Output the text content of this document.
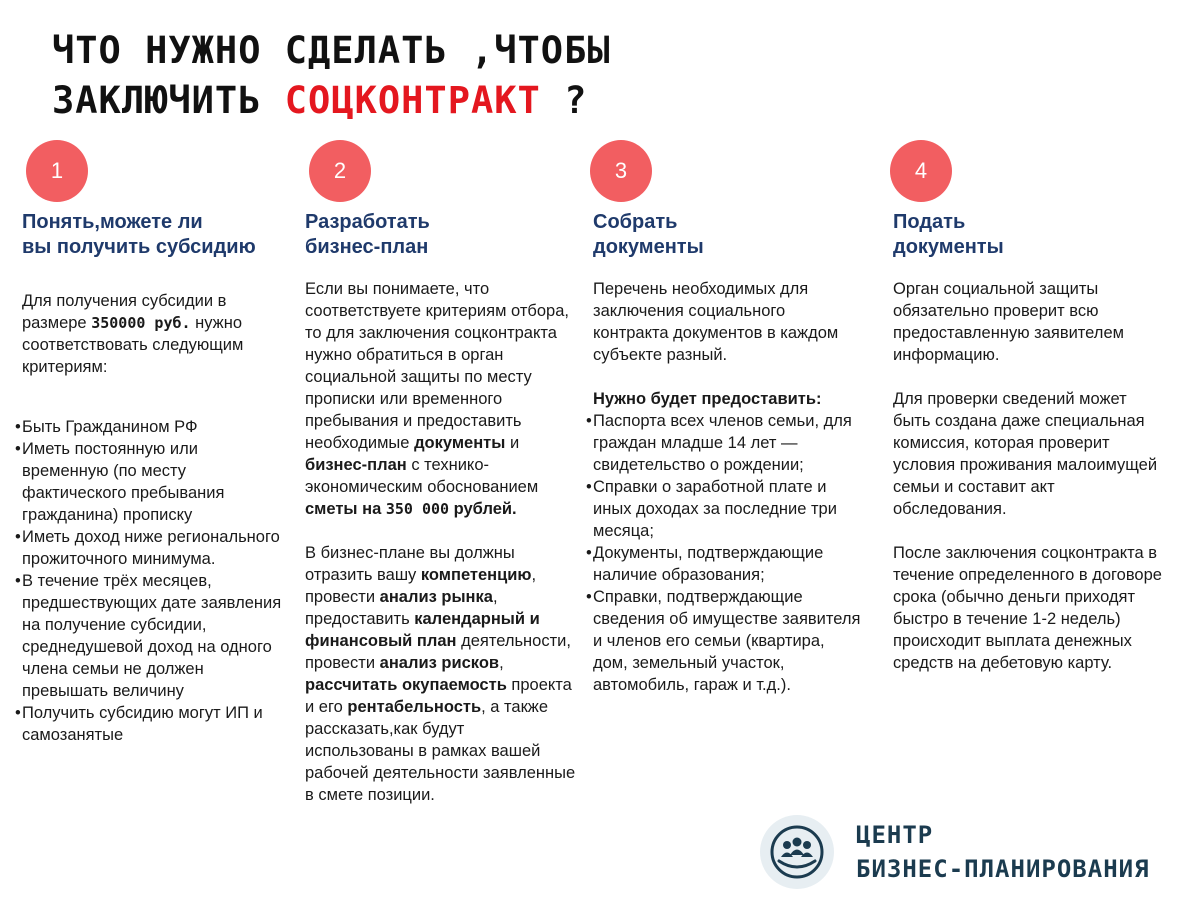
ЧТО НУЖНО СДЕЛАТЬ ,ЧТОБЫ
ЗАКЛЮЧИТЬ СОЦКОНТРАКТ ?
1
Понять,можете ли
вы получить субсидию
Для получения субсидии в размере 350000 руб. нужно соответствовать следующим критериям:
• Быть Гражданином РФ
• Иметь постоянную или временную (по месту фактического пребывания гражданина) прописку
• Иметь доход ниже регионального прожиточного минимума.
• В течение трёх месяцев, предшествующих дате заявления на получение субсидии, среднедушевой доход на одного члена семьи не должен превышать величину
• Получить субсидию могут ИП и самозанятые
2
Разработать
бизнес-план
Если вы понимаете, что соответствуете критериям отбора, то для заключения соцконтракта нужно обратиться в орган социальной защиты по месту прописки или временного пребывания и предоставить необходимые документы и бизнес-план с технико-экономическим обоснованием сметы на 350 000 рублей.
В бизнес-плане вы должны отразить вашу компетенцию, провести анализ рынка, предоставить календарный и финансовый план деятельности, провести анализ рисков, рассчитать окупаемость проекта и его рентабельность, а также рассказать,как будут использованы в рамках вашей рабочей деятельности заявленные в смете позиции.
3
Собрать
документы
Перечень необходимых для заключения социального контракта документов в каждом субъекте разный.
Нужно будет предоставить:
• Паспорта всех членов семьи, для граждан младше 14 лет — свидетельство о рождении;
• Справки о заработной плате и иных доходах за последние три месяца;
• Документы, подтверждающие наличие образования;
• Справки, подтверждающие сведения об имуществе заявителя и членов его семьи (квартира, дом, земельный участок, автомобиль, гараж и т.д.).
4
Подать
документы
Орган социальной защиты обязательно проверит всю предоставленную заявителем информацию.
Для проверки сведений может быть создана даже специальная комиссия, которая проверит условия проживания малоимущей семьи и составит акт обследования.
После заключения соцконтракта в течение определенного в договоре срока (обычно деньги приходят быстро в течение 1-2 недель) происходит выплата денежных средств на дебетовую карту.
ЦЕНТР
БИЗНЕС-ПЛАНИРОВАНИЯ
